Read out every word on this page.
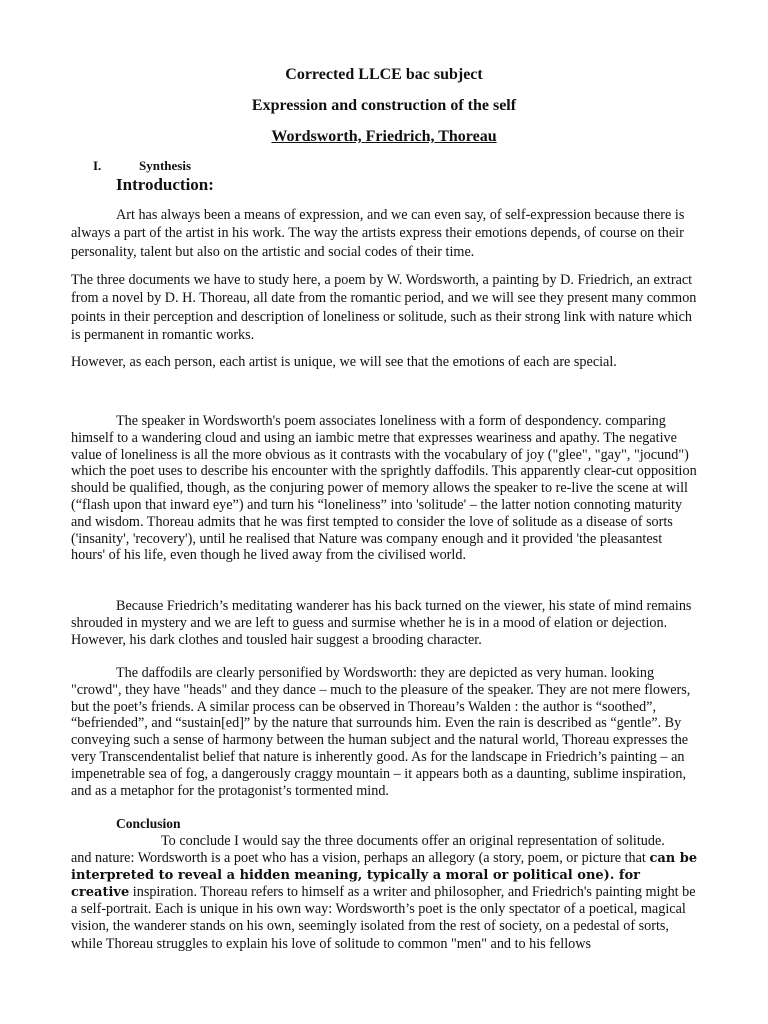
Corrected LLCE bac subject
Expression and construction of the self
Wordsworth, Friedrich, Thoreau
I.	Synthesis
Introduction:

Art has always been a means of expression, and we can even say, of self-expression because there is always a part of the artist in his work. The way the artists express their emotions depends, of course on their personality, talent but also on the artistic and social codes of their time.

The three documents we have to study here, a poem by W. Wordsworth, a painting by D. Friedrich, an extract from a novel by D. H. Thoreau, all date from the romantic period, and we will see they present many common points in their perception and description of loneliness or solitude, such as their strong link with nature which is permanent in romantic works.

However, as each person, each artist is unique, we will see that the emotions of each are special.

The speaker in Wordsworth's poem associates loneliness with a form of despondency. comparing himself to a wandering cloud and using an iambic metre that expresses weariness and apathy. The negative value of loneliness is all the more obvious as it contrasts with the vocabulary of joy ("glee", "gay", "jocund") which the poet uses to describe his encounter with the sprightly daffodils. This apparently clear-cut opposition should be qualified, though, as the conjuring power of memory allows the speaker to re-live the scene at will (“flash upon that inward eye”) and turn his “loneliness” into 'solitude' – the latter notion connoting maturity and wisdom. Thoreau admits that he was first tempted to consider the love of solitude as a disease of sorts ('insanity', 'recovery'), until he realised that Nature was company enough and it provided 'the pleasantest hours' of his life, even though he lived away from the civilised world.

Because Friedrich’s meditating wanderer has his back turned on the viewer, his state of mind remains shrouded in mystery and we are left to guess and surmise whether he is in a mood of elation or dejection. However, his dark clothes and tousled hair suggest a brooding character.

The daffodils are clearly personified by Wordsworth: they are depicted as very human. looking "crowd", they have "heads" and they dance – much to the pleasure of the speaker. They are not mere flowers, but the poet’s friends. A similar process can be observed in Thoreau’s Walden : the author is “soothed”, “befriended”, and “sustain[ed]” by the nature that surrounds him. Even the rain is described as “gentle”. By conveying such a sense of harmony between the human subject and the natural world, Thoreau expresses the very Transcendentalist belief that nature is inherently good. As for the landscape in Friedrich’s painting – an impenetrable sea of fog, a dangerously craggy mountain – it appears both as a daunting, sublime inspiration, and as a metaphor for the protagonist’s tormented mind.

Conclusion

To conclude I would say the three documents offer an original representation of solitude.
and nature: Wordsworth is a poet who has a vision, perhaps an allegory (a story, poem, or picture that can be interpreted to reveal a hidden meaning, typically a moral or political one). for creative inspiration. Thoreau refers to himself as a writer and philosopher, and Friedrich's painting might be a self-portrait. Each is unique in his own way: Wordsworth’s poet is the only spectator of a poetical, magical vision, the wanderer stands on his own, seemingly isolated from the rest of society, on a pedestal of sorts, while Thoreau struggles to explain his love of solitude to common "men" and to his fellows
